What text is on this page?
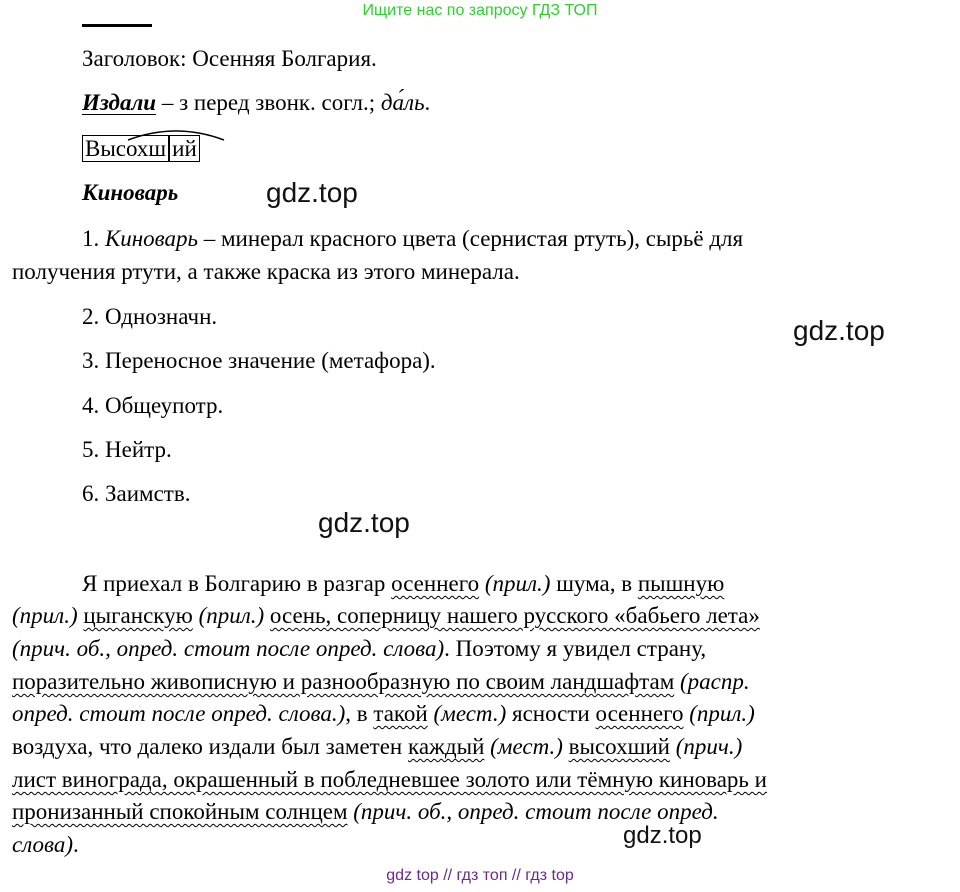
Ищите нас по запросу ГДЗ ТОП
Заголовок: Осенняя Болгария.
Издали – з перед звонк. согл.; да́ль.
Высохш ий
Киноварь	gdz.top
1. Киноварь – минерал красного цвета (сернистая ртуть), сырьё для
получения ртути, а также краска из этого минерала.
2. Однозначн.	gdz.top
3. Переносное значение (метафора).
4. Общеупотр.
5. Нейтр.
6. Заимств.
gdz.top
Я приехал в Болгарию в разгар осеннего (прил.) шума, в пышную
(прил.) цыганскую (прил.) осень, соперницу нашего русского «бабьего лета»
(прич. об., опред. стоит после опред. слова). Поэтому я увидел страну,
поразительно живописную и разнообразную по своим ландшафтам (распр.
опред. стоит после опред. слова.), в такой (мест.) ясности осеннего (прил.)
воздуха, что далеко издали был заметен каждый (мест.) высохший (прич.)
лист винограда, окрашенный в побледневшее золото или тёмную киноварь и
пронизанный спокойным солнцем (прич. об., опред. стоит после опред.
gdz.top
слова).
gdz top // гдз топ // гдз top
